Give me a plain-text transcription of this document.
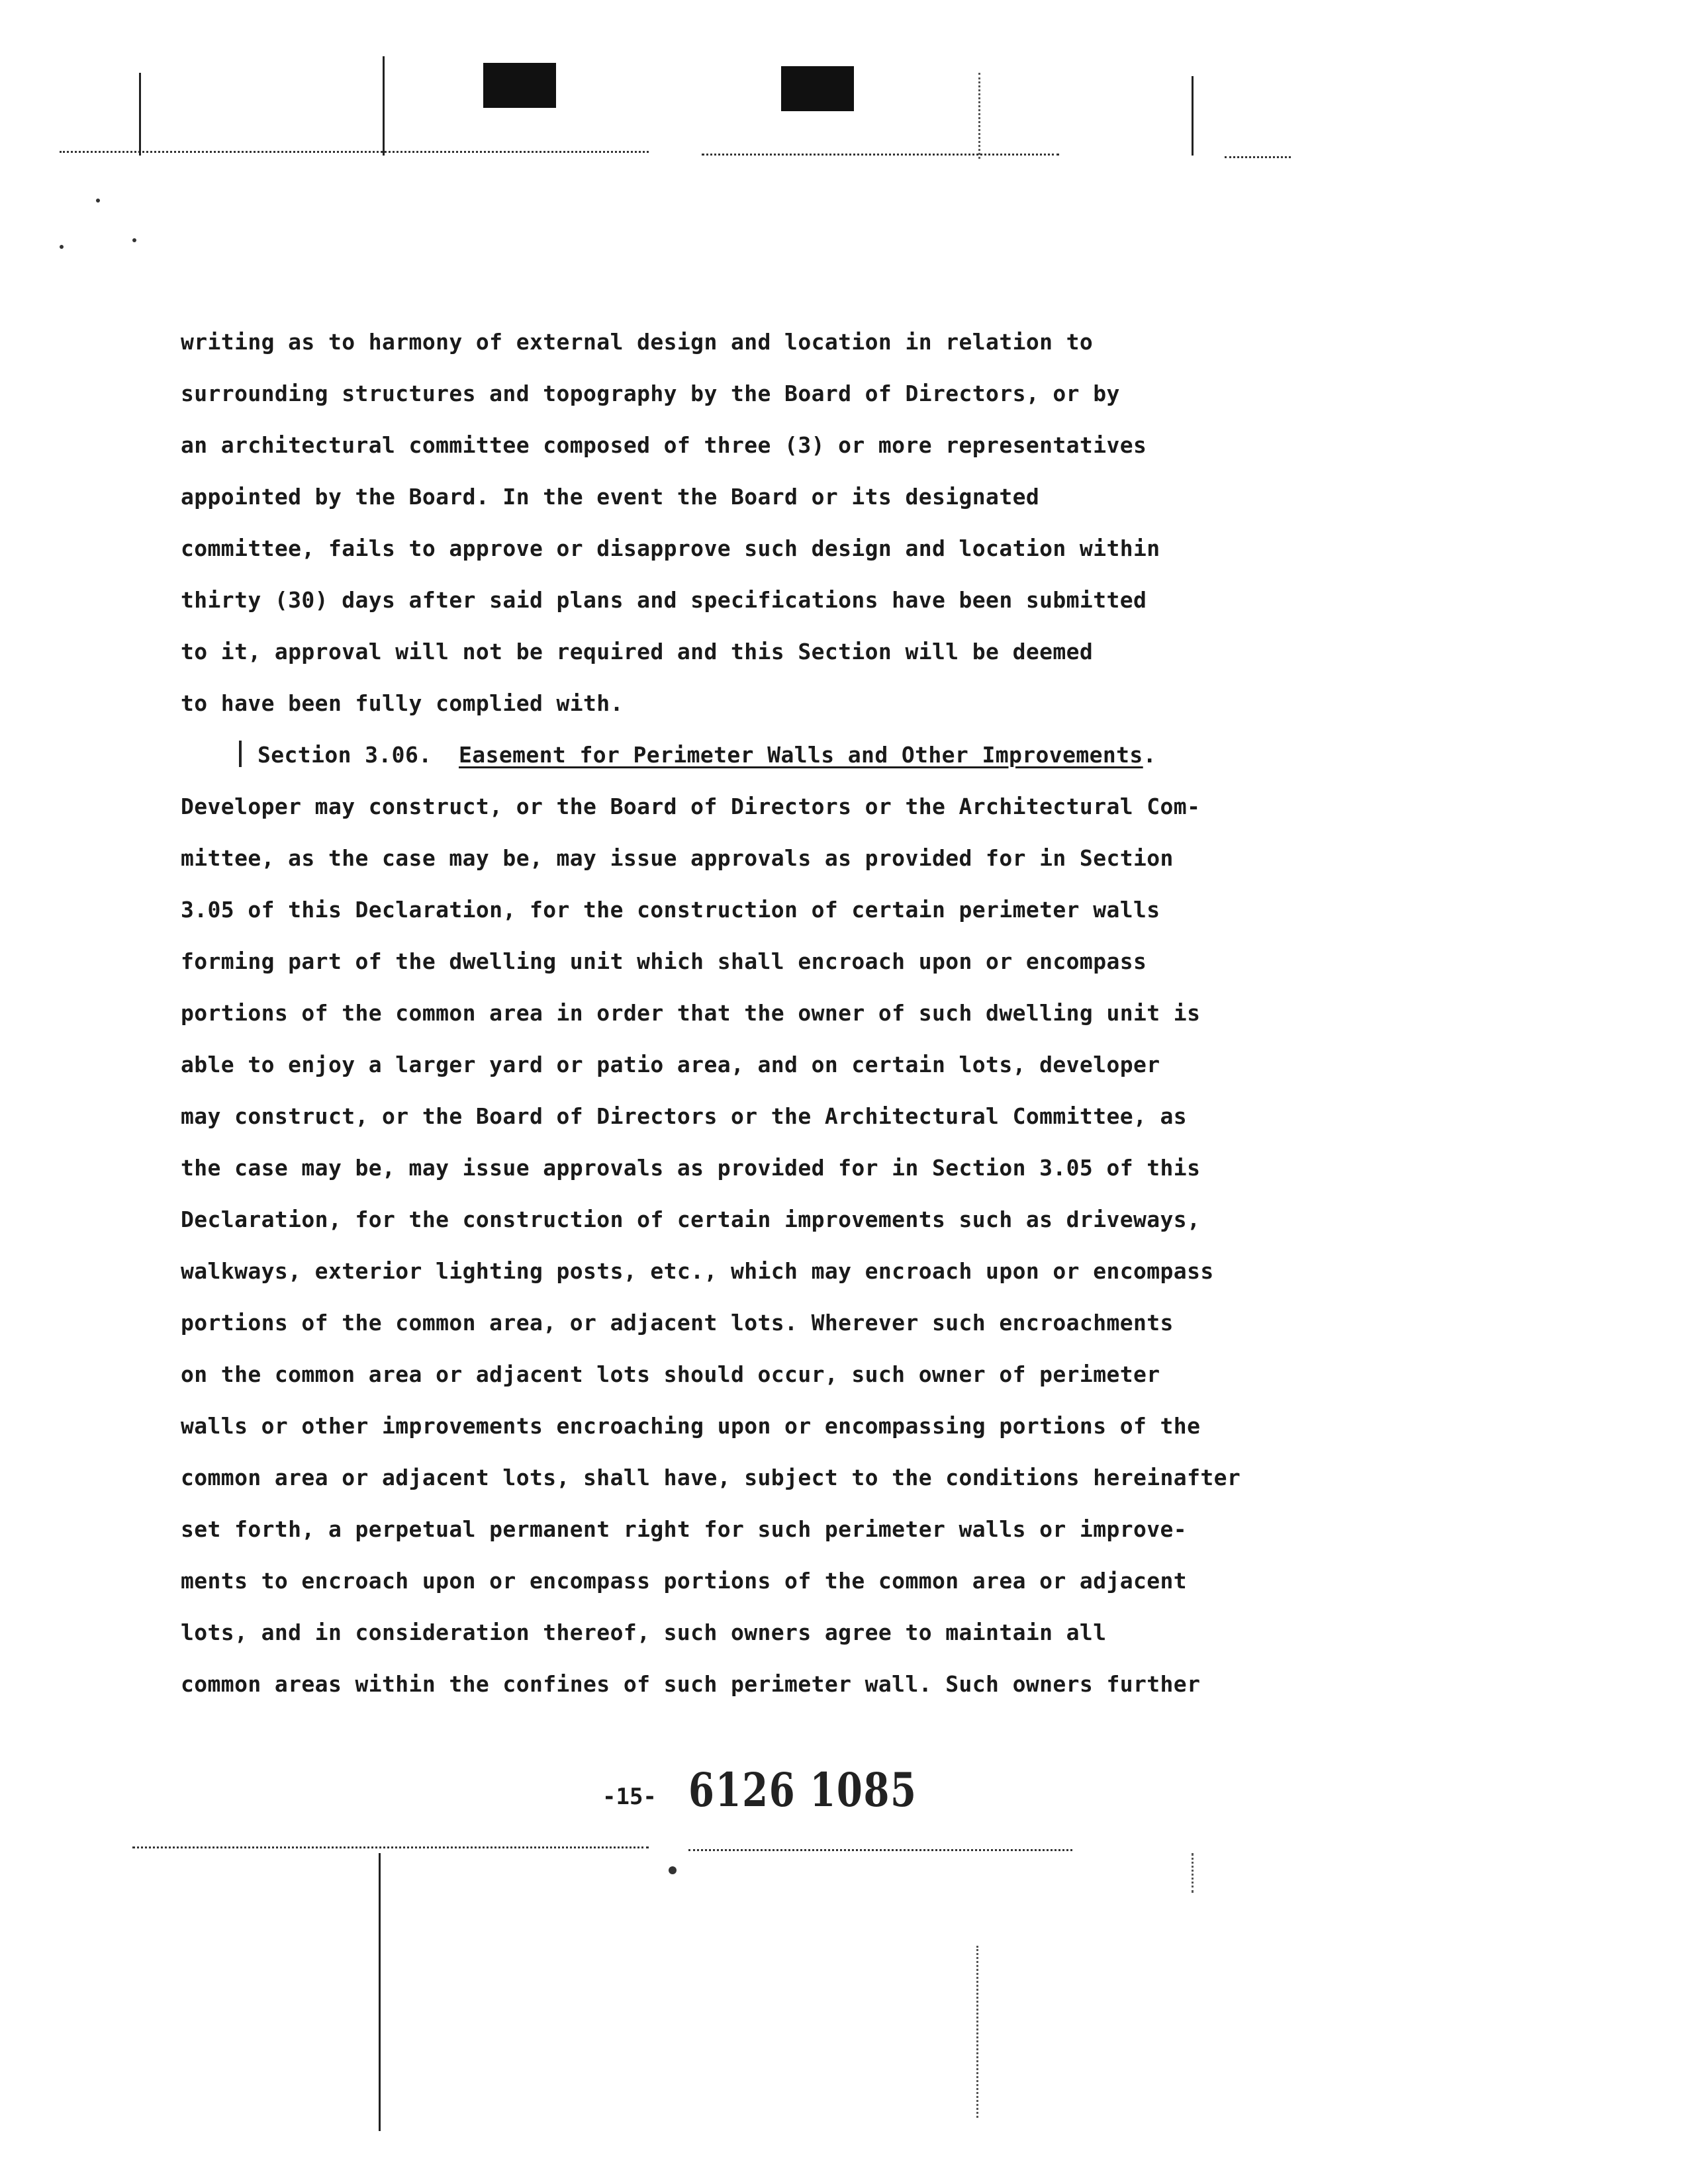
writing as to harmony of external design and location in relation to
surrounding structures and topography by the Board of Directors, or by
an architectural committee composed of three (3) or more representatives
appointed by the Board. In the event the Board or its designated
committee, fails to approve or disapprove such design and location within
thirty (30) days after said plans and specifications have been submitted
to it, approval will not be required and this Section will be deemed
to have been fully complied with.
Section 3.06. Easement for Perimeter Walls and Other Improvements.
Developer may construct, or the Board of Directors or the Architectural Com-
mittee, as the case may be, may issue approvals as provided for in Section
3.05 of this Declaration, for the construction of certain perimeter walls
forming part of the dwelling unit which shall encroach upon or encompass
portions of the common area in order that the owner of such dwelling unit is
able to enjoy a larger yard or patio area, and on certain lots, developer
may construct, or the Board of Directors or the Architectural Committee, as
the case may be, may issue approvals as provided for in Section 3.05 of this
Declaration, for the construction of certain improvements such as driveways,
walkways, exterior lighting posts, etc., which may encroach upon or encompass
portions of the common area, or adjacent lots. Wherever such encroachments
on the common area or adjacent lots should occur, such owner of perimeter
walls or other improvements encroaching upon or encompassing portions of the
common area or adjacent lots, shall have, subject to the conditions hereinafter
set forth, a perpetual permanent right for such perimeter walls or improve-
ments to encroach upon or encompass portions of the common area or adjacent
lots, and in consideration thereof, such owners agree to maintain all
common areas within the confines of such perimeter wall. Such owners further
-15- 6126 1085
